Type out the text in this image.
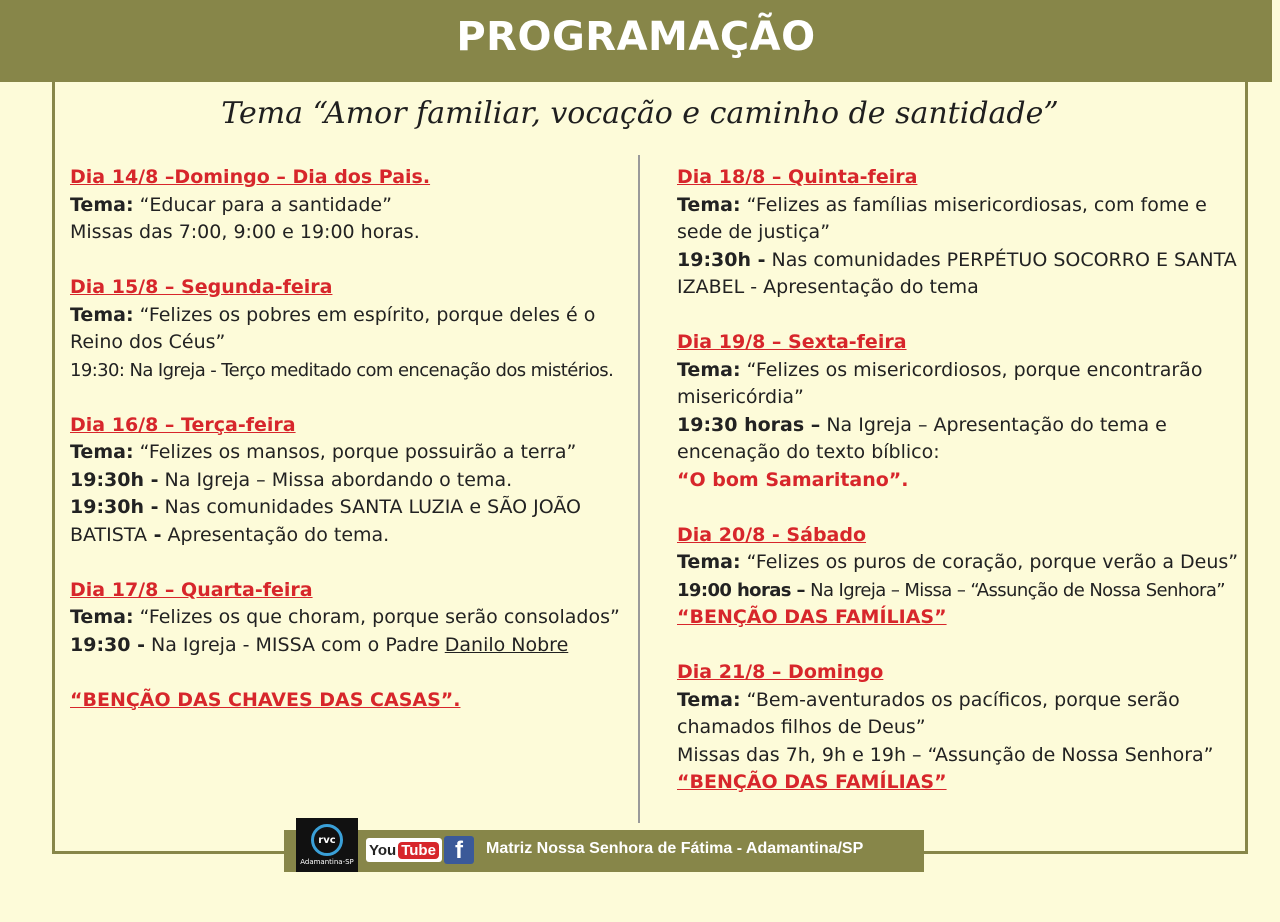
PROGRAMAÇÃO
Tema “Amor familiar, vocação e caminho de santidade”
Dia 14/8 –Domingo – Dia dos Pais.
Tema: “Educar para a santidade”
Missas das 7:00, 9:00 e 19:00 horas.
Dia 15/8 – Segunda-feira
Tema: “Felizes os pobres em espírito, porque deles é o Reino dos Céus”
19:30: Na Igreja - Terço meditado com encenação dos mistérios.
Dia 16/8 – Terça-feira
Tema: “Felizes os mansos, porque possuirão a terra”
19:30h - Na Igreja – Missa abordando o tema.
19:30h - Nas comunidades SANTA LUZIA e SÃO JOÃO BATISTA - Apresentação do tema.
Dia 17/8 – Quarta-feira
Tema: “Felizes os que choram, porque serão consolados”
19:30 - Na Igreja - MISSA com o Padre Danilo Nobre
“BENÇÃO DAS CHAVES DAS CASAS”.
Dia 18/8 – Quinta-feira
Tema: “Felizes as famílias misericordiosas, com fome e sede de justiça”
19:30h - Nas comunidades PERPÉTUO SOCORRO E SANTA IZABEL - Apresentação do tema
Dia 19/8 – Sexta-feira
Tema: “Felizes os misericordiosos, porque encontrarão misericórdia”
19:30 horas – Na Igreja – Apresentação do tema e encenação do texto bíblico:
“O bom Samaritano”.
Dia 20/8 - Sábado
Tema: “Felizes os puros de coração, porque verão a Deus”
19:00 horas – Na Igreja – Missa – “Assunção de Nossa Senhora”
“BENÇÃO DAS FAMÍLIAS”
Dia 21/8 – Domingo
Tema: “Bem-aventurados os pacíficos, porque serão chamados filhos de Deus”
Missas das 7h, 9h e 19h – “Assunção de Nossa Senhora”
“BENÇÃO DAS FAMÍLIAS”
rvc
Adamantina-SP
You Tube f	Matriz Nossa Senhora de Fátima - Adamantina/SP
